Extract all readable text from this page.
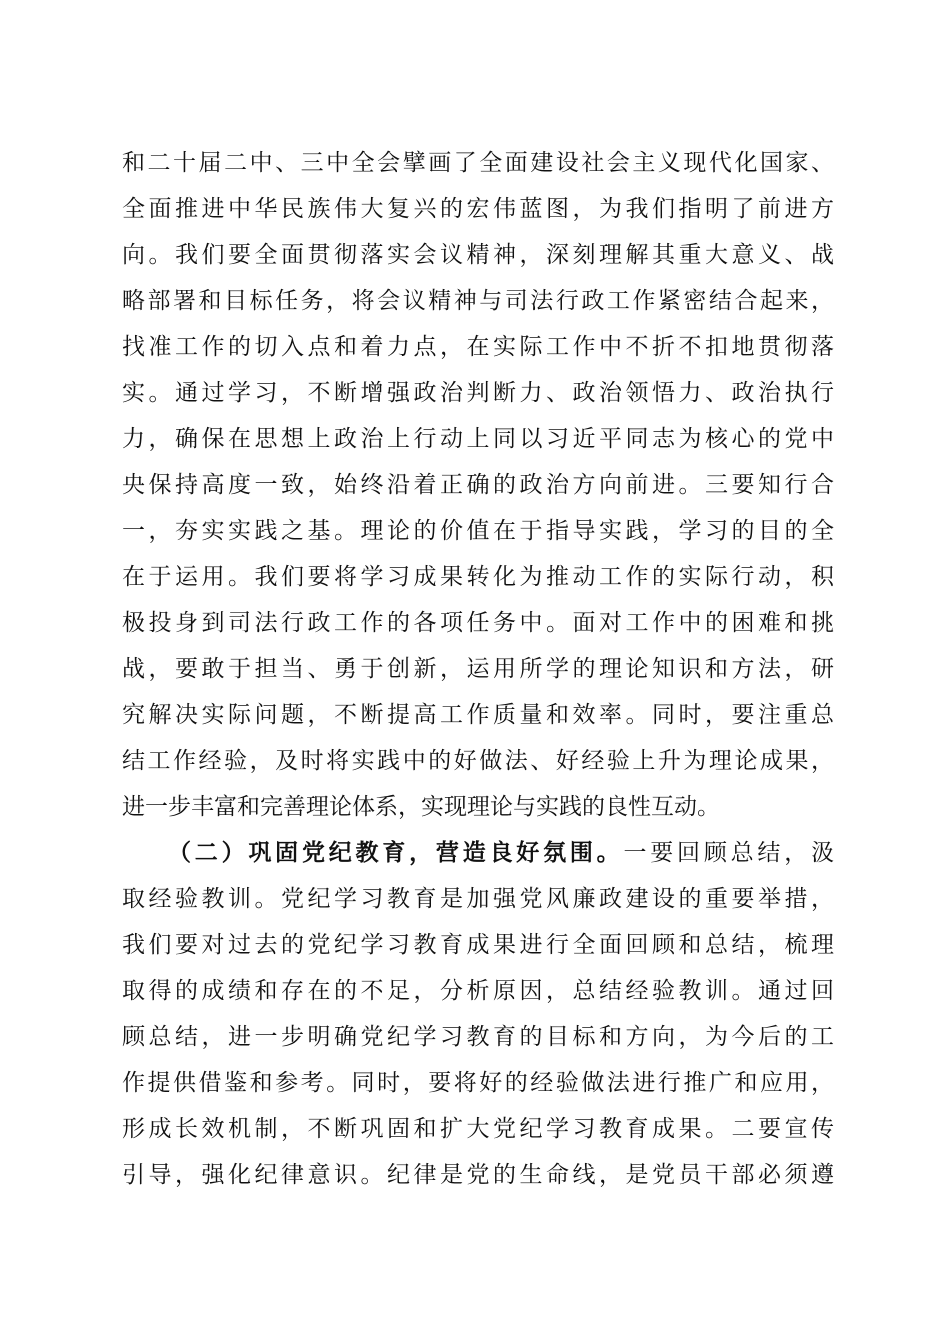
和二十届二中、三中全会擘画了全面建设社会主义现代化国家、
全面推进中华民族伟大复兴的宏伟蓝图，为我们指明了前进方
向。我们要全面贯彻落实会议精神，深刻理解其重大意义、战
略部署和目标任务，将会议精神与司法行政工作紧密结合起来，
找准工作的切入点和着力点，在实际工作中不折不扣地贯彻落
实。通过学习，不断增强政治判断力、政治领悟力、政治执行
力，确保在思想上政治上行动上同以习近平同志为核心的党中
央保持高度一致，始终沿着正确的政治方向前进。三要知行合
一，夯实实践之基。理论的价值在于指导实践，学习的目的全
在于运用。我们要将学习成果转化为推动工作的实际行动，积
极投身到司法行政工作的各项任务中。面对工作中的困难和挑
战，要敢于担当、勇于创新，运用所学的理论知识和方法，研
究解决实际问题，不断提高工作质量和效率。同时，要注重总
结工作经验，及时将实践中的好做法、好经验上升为理论成果，
进一步丰富和完善理论体系，实现理论与实践的良性互动。
（二）巩固党纪教育，营造良好氛围。一要回顾总结，汲
取经验教训。党纪学习教育是加强党风廉政建设的重要举措，
我们要对过去的党纪学习教育成果进行全面回顾和总结，梳理
取得的成绩和存在的不足，分析原因，总结经验教训。通过回
顾总结，进一步明确党纪学习教育的目标和方向，为今后的工
作提供借鉴和参考。同时，要将好的经验做法进行推广和应用，
形成长效机制，不断巩固和扩大党纪学习教育成果。二要宣传
引导，强化纪律意识。纪律是党的生命线，是党员干部必须遵
